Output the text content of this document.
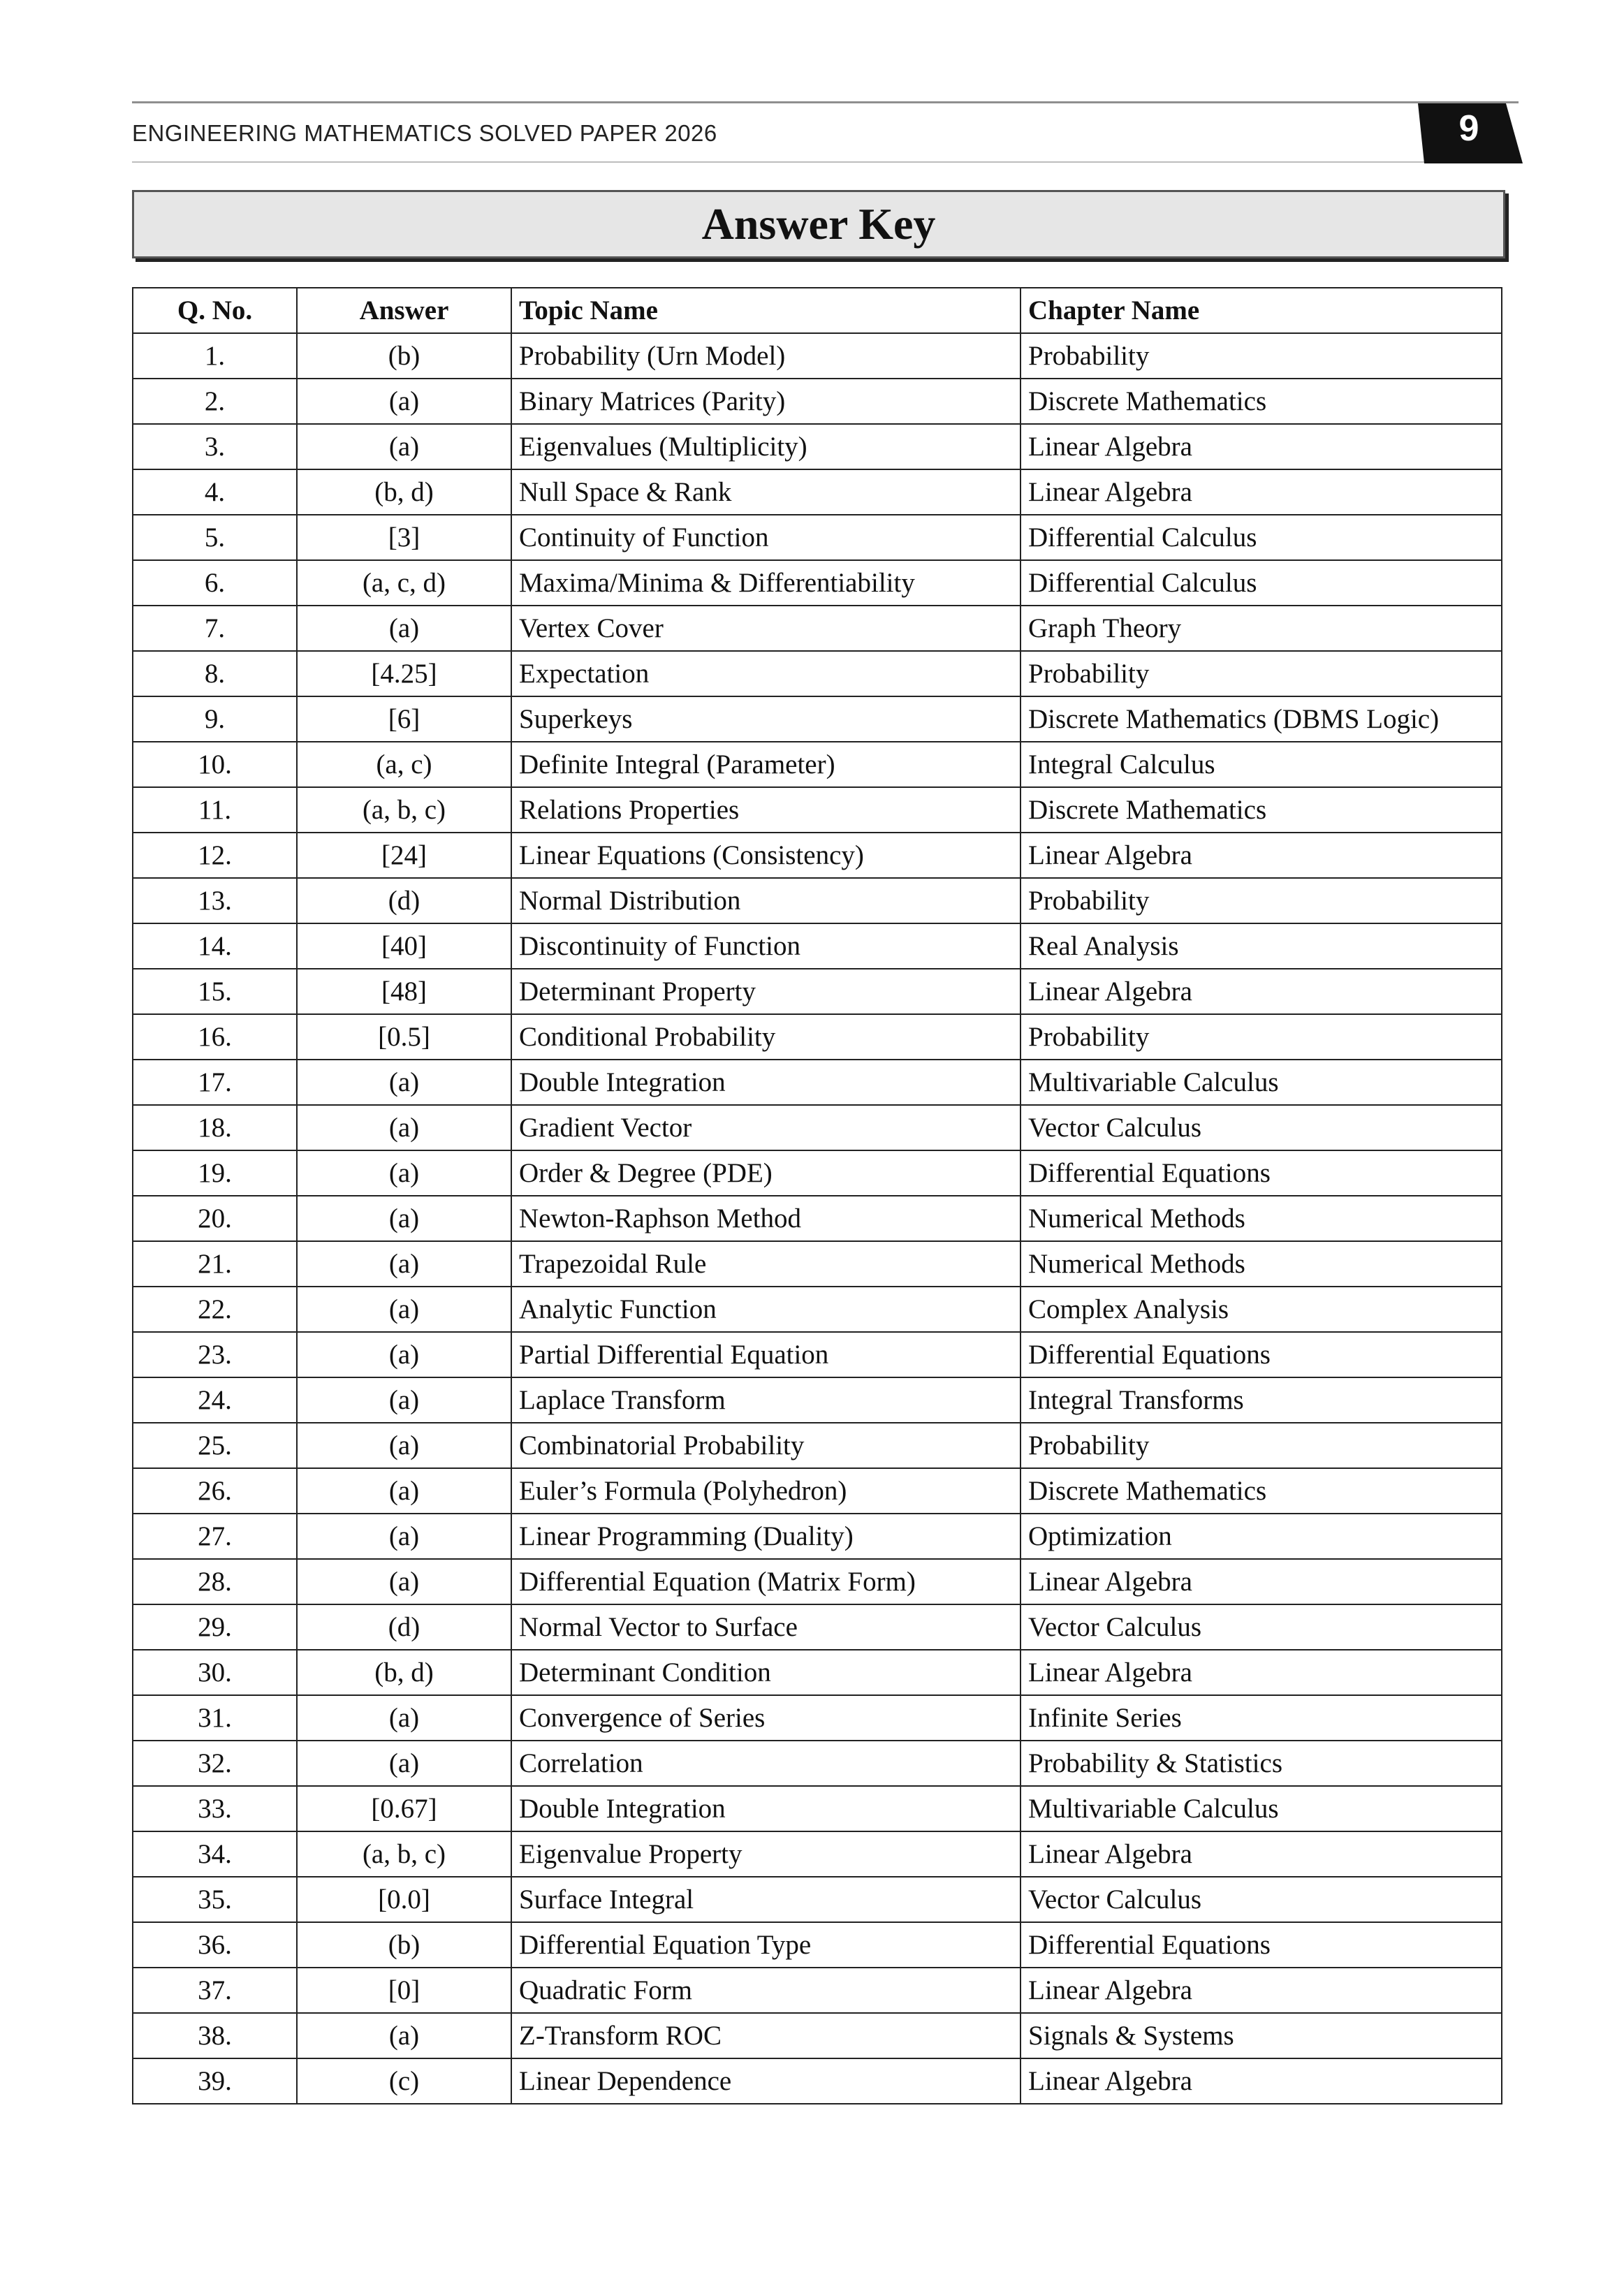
ENGINEERING MATHEMATICS SOLVED PAPER 2026	9
Answer Key
Q. No.	Answer	Topic Name	Chapter Name
1.	(b)	Probability (Urn Model)	Probability
2.	(a)	Binary Matrices (Parity)	Discrete Mathematics
3.	(a)	Eigenvalues (Multiplicity)	Linear Algebra
4.	(b, d)	Null Space & Rank	Linear Algebra
5.	[3]	Continuity of Function	Differential Calculus
6.	(a, c, d)	Maxima/Minima & Differentiability	Differential Calculus
7.	(a)	Vertex Cover	Graph Theory
8.	[4.25]	Expectation	Probability
9.	[6]	Superkeys	Discrete Mathematics (DBMS Logic)
10.	(a, c)	Definite Integral (Parameter)	Integral Calculus
11.	(a, b, c)	Relations Properties	Discrete Mathematics
12.	[24]	Linear Equations (Consistency)	Linear Algebra
13.	(d)	Normal Distribution	Probability
14.	[40]	Discontinuity of Function	Real Analysis
15.	[48]	Determinant Property	Linear Algebra
16.	[0.5]	Conditional Probability	Probability
17.	(a)	Double Integration	Multivariable Calculus
18.	(a)	Gradient Vector	Vector Calculus
19.	(a)	Order & Degree (PDE)	Differential Equations
20.	(a)	Newton-Raphson Method	Numerical Methods
21.	(a)	Trapezoidal Rule	Numerical Methods
22.	(a)	Analytic Function	Complex Analysis
23.	(a)	Partial Differential Equation	Differential Equations
24.	(a)	Laplace Transform	Integral Transforms
25.	(a)	Combinatorial Probability	Probability
26.	(a)	Euler’s Formula (Polyhedron)	Discrete Mathematics
27.	(a)	Linear Programming (Duality)	Optimization
28.	(a)	Differential Equation (Matrix Form)	Linear Algebra
29.	(d)	Normal Vector to Surface	Vector Calculus
30.	(b, d)	Determinant Condition	Linear Algebra
31.	(a)	Convergence of Series	Infinite Series
32.	(a)	Correlation	Probability & Statistics
33.	[0.67]	Double Integration	Multivariable Calculus
34.	(a, b, c)	Eigenvalue Property	Linear Algebra
35.	[0.0]	Surface Integral	Vector Calculus
36.	(b)	Differential Equation Type	Differential Equations
37.	[0]	Quadratic Form	Linear Algebra
38.	(a)	Z-Transform ROC	Signals & Systems
39.	(c)	Linear Dependence	Linear Algebra
